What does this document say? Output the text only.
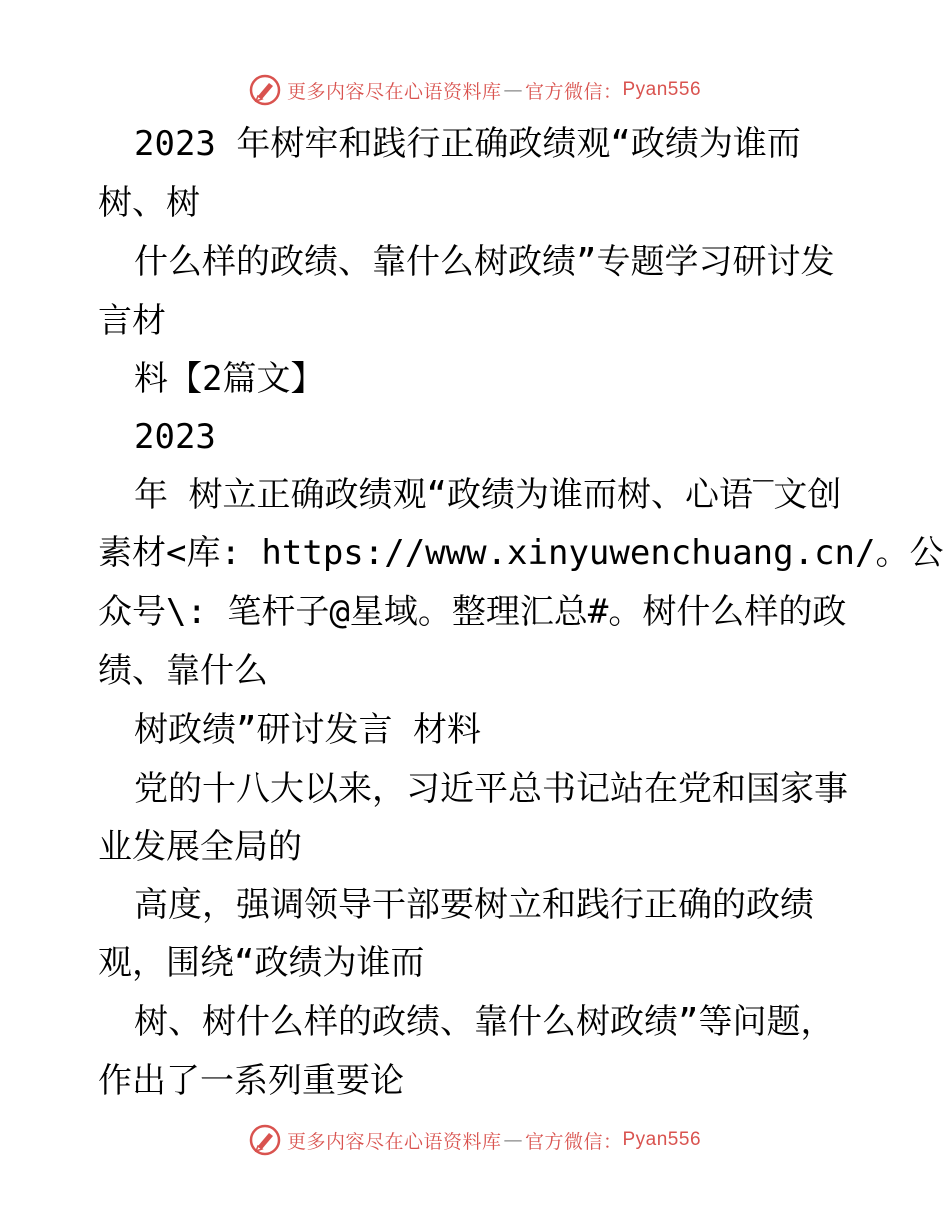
更多内容尽在心语资料库 — 官方微信： Pyan556
2023 年树牢和践行正确政绩观“政绩为谁而
树、树
什么样的政绩、靠什么树政绩”专题学习研讨发
言材
料【2篇文】
2023
年 树立正确政绩观“政绩为谁而树、心语‾文创
素材<库: https://www.xinyuwenchuang.cn/。公
众号\: 笔杆子@星域。整理汇总#。树什么样的政
绩、靠什么
树政绩”研讨发言 材料
党的十八大以来，习近平总书记站在党和国家事
业发展全局的
高度，强调领导干部要树立和践行正确的政绩
观，围绕“政绩为谁而
树、树什么样的政绩、靠什么树政绩”等问题，
作出了一系列重要论
更多内容尽在心语资料库 — 官方微信： Pyan556
